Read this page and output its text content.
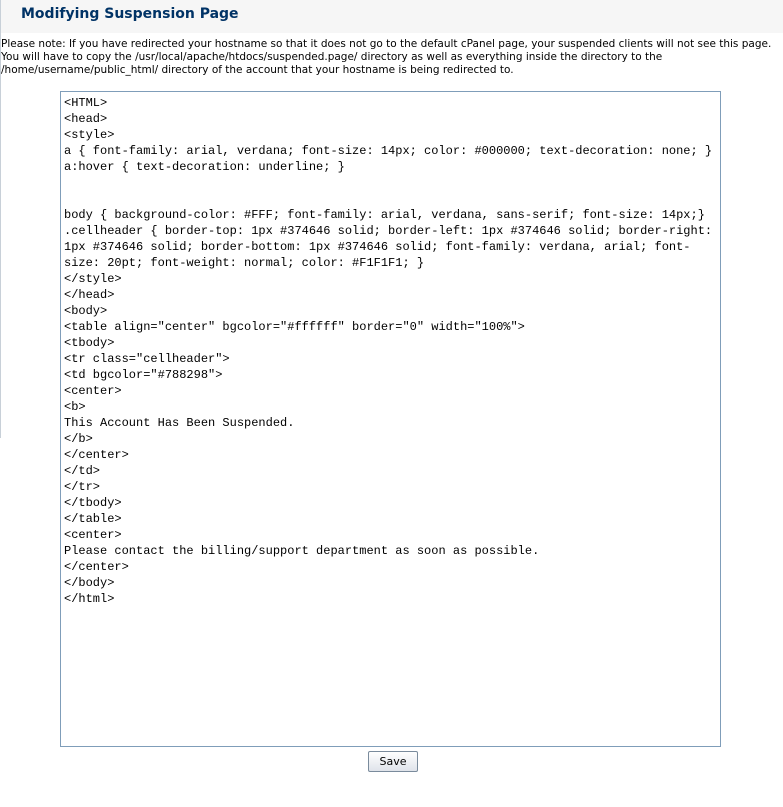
Modifying Suspension Page

Please note: If you have redirected your hostname so that it does not go to the default cPanel page, your suspended clients will not see this page. You will have to copy the /usr/local/apache/htdocs/suspended.page/ directory as well as everything inside the directory to the /home/username/public_html/ directory of the account that your hostname is being redirected to.

<HTML> <head> <style> a { font-family: arial, verdana; font-size: 14px; color: #000000; text-decoration: none; } a:hover { text-decoration: underline; } body { background-color: #FFF; font-family: arial, verdana, sans-serif; font-size: 14px;} .cellheader { border-top: 1px #374646 solid; border-left: 1px #374646 solid; border-right: 1px #374646 solid; border-bottom: 1px #374646 solid; font-family: verdana, arial; font-size: 20pt; font-weight: normal; color: #F1F1F1; } </style> </head> <body> <table align="center" bgcolor="#ffffff" border="0" width="100%"> <tbody> <tr class="cellheader"> <td bgcolor="#788298"> <center> <b> This Account Has Been Suspended. </b> </center> </td> </tr> </tbody> </table> <center> Please contact the billing/support department as soon as possible. </center> </body> </html>
Save
